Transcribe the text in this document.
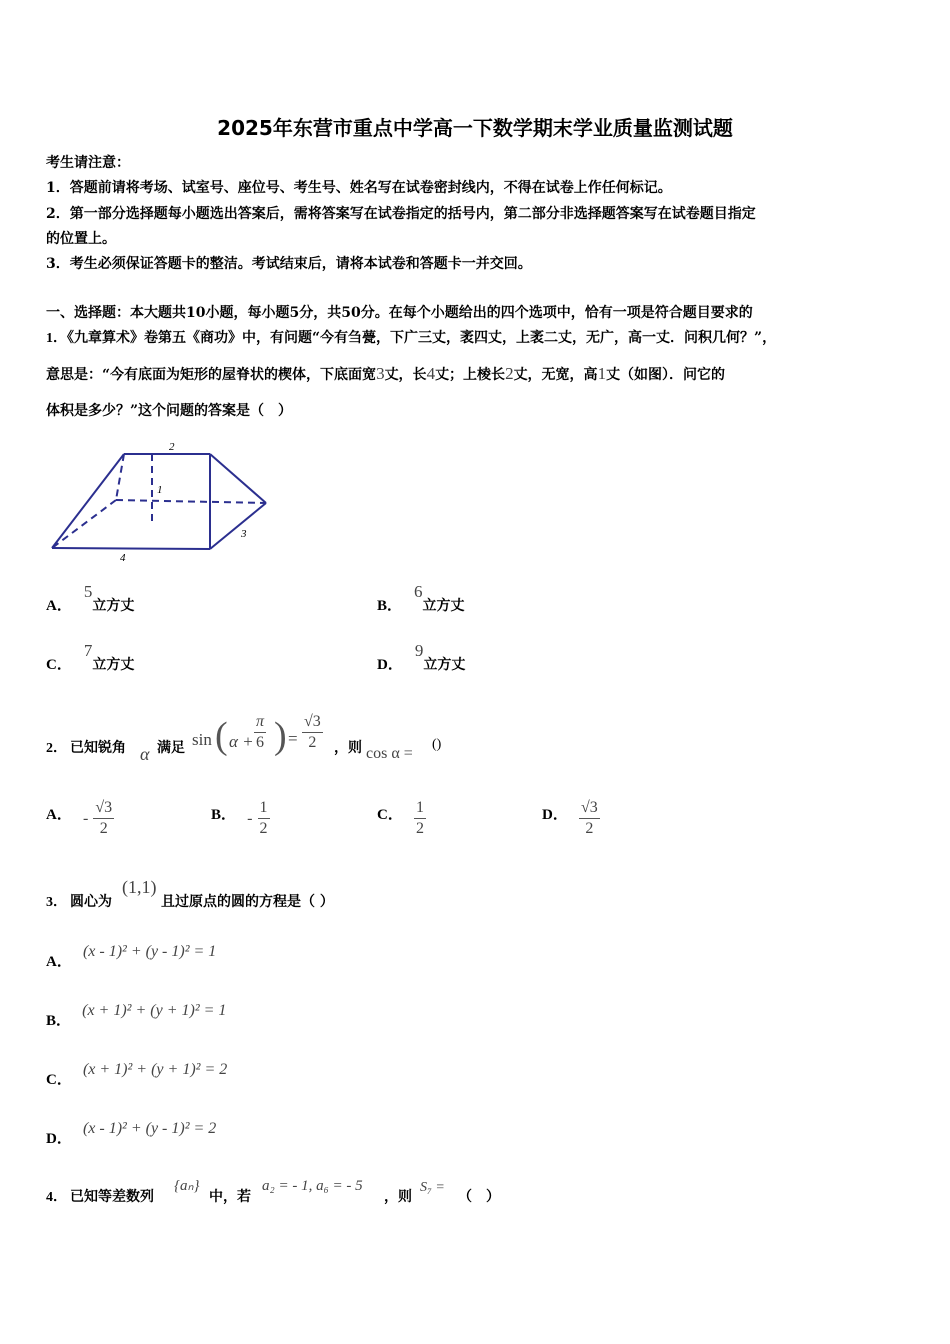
2025年东营市重点中学高一下数学期末学业质量监测试题
考生请注意：
1．答题前请将考场、试室号、座位号、考生号、姓名写在试卷密封线内，不得在试卷上作任何标记。
2．第一部分选择题每小题选出答案后，需将答案写在试卷指定的括号内，第二部分非选择题答案写在试卷题目指定
的位置上。
3．考生必须保证答题卡的整洁。考试结束后，请将本试卷和答题卡一并交回。
一、选择题：本大题共10小题，每小题5分，共50分。在每个小题给出的四个选项中，恰有一项是符合题目要求的
1．《九章算术》卷第五《商功》中，有问题“今有刍甍，下广三丈，袤四丈，上袤二丈，无广，高一丈．问积几何？”，
意思是：“今有底面为矩形的屋脊状的楔体，下底面宽3丈，长4丈；上棱长2丈，无宽，高1丈（如图）．问它的
体积是多少？”这个问题的答案是（　）
2
1
3
4
A．5立方丈	B．6立方丈
C．7立方丈	D．9立方丈
2． 已知锐角 α 满足 sin ( $\alpha + \frac{\pi}{6}$ ) = $\frac{√3}{2}$ ，则 cos α =
()
A． - $\frac{√3}{2}$	B． - $\frac{1}{2}$	C． $\frac{1}{2}$	D． $\frac{√3}{2}$
3． 圆心为
(1,1)
且过原点的圆的方程是（ ）
A． (x - 1)² + (y - 1)² = 1
B． (x + 1)² + (y + 1)² = 1
C． (x + 1)² + (y + 1)² = 2
D． (x - 1)² + (y - 1)² = 2
4． 已知等差数列
{aₙ}
中，若
a₂ = - 1, a₆ = - 5
，则
S₇ =
（　）
